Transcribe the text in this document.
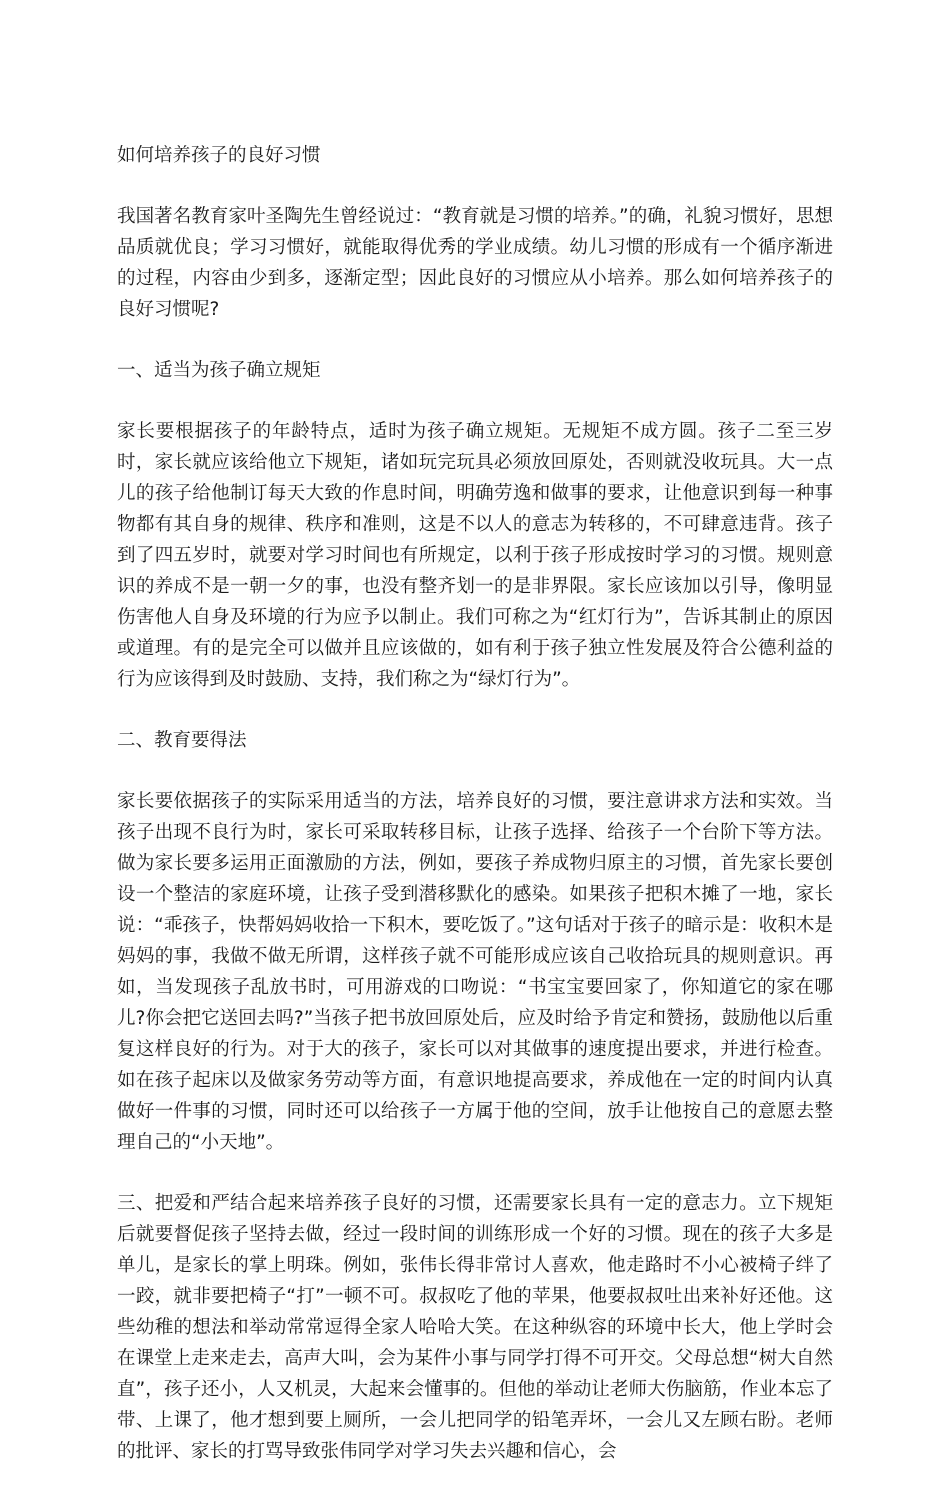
如何培养孩子的良好习惯

我国著名教育家叶圣陶先生曾经说过：“教育就是习惯的培养。”的确，礼貌习惯好，思想品质就优良；学习习惯好，就能取得优秀的学业成绩。幼儿习惯的形成有一个循序渐进的过程，内容由少到多，逐渐定型；因此良好的习惯应从小培养。那么如何培养孩子的良好习惯呢?

一、适当为孩子确立规矩

家长要根据孩子的年龄特点，适时为孩子确立规矩。无规矩不成方圆。孩子二至三岁时，家长就应该给他立下规矩，诸如玩完玩具必须放回原处，否则就没收玩具。大一点儿的孩子给他制订每天大致的作息时间，明确劳逸和做事的要求，让他意识到每一种事物都有其自身的规律、秩序和准则，这是不以人的意志为转移的，不可肆意违背。孩子到了四五岁时，就要对学习时间也有所规定，以利于孩子形成按时学习的习惯。规则意识的养成不是一朝一夕的事，也没有整齐划一的是非界限。家长应该加以引导，像明显伤害他人自身及环境的行为应予以制止。我们可称之为“红灯行为”，告诉其制止的原因或道理。有的是完全可以做并且应该做的，如有利于孩子独立性发展及符合公德利益的行为应该得到及时鼓励、支持，我们称之为“绿灯行为”。

二、教育要得法

家长要依据孩子的实际采用适当的方法，培养良好的习惯，要注意讲求方法和实效。当孩子出现不良行为时，家长可采取转移目标，让孩子选择、给孩子一个台阶下等方法。做为家长要多运用正面激励的方法，例如，要孩子养成物归原主的习惯，首先家长要创设一个整洁的家庭环境，让孩子受到潜移默化的感染。如果孩子把积木摊了一地，家长说：“乖孩子，快帮妈妈收拾一下积木，要吃饭了。”这句话对于孩子的暗示是：收积木是妈妈的事，我做不做无所谓，这样孩子就不可能形成应该自己收拾玩具的规则意识。再如，当发现孩子乱放书时，可用游戏的口吻说：“书宝宝要回家了，你知道它的家在哪儿?你会把它送回去吗?”当孩子把书放回原处后，应及时给予肯定和赞扬，鼓励他以后重复这样良好的行为。对于大的孩子，家长可以对其做事的速度提出要求，并进行检查。如在孩子起床以及做家务劳动等方面，有意识地提高要求，养成他在一定的时间内认真做好一件事的习惯，同时还可以给孩子一方属于他的空间，放手让他按自己的意愿去整理自己的“小天地”。

三、把爱和严结合起来培养孩子良好的习惯，还需要家长具有一定的意志力。立下规矩后就要督促孩子坚持去做，经过一段时间的训练形成一个好的习惯。现在的孩子大多是单儿，是家长的掌上明珠。例如，张伟长得非常讨人喜欢，他走路时不小心被椅子绊了一跤，就非要把椅子“打”一顿不可。叔叔吃了他的苹果，他要叔叔吐出来补好还他。这些幼稚的想法和举动常常逗得全家人哈哈大笑。在这种纵容的环境中长大，他上学时会在课堂上走来走去，高声大叫，会为某件小事与同学打得不可开交。父母总想“树大自然直”，孩子还小，人又机灵，大起来会懂事的。但他的举动让老师大伤脑筋，作业本忘了带、上课了，他才想到要上厕所，一会儿把同学的铅笔弄坏，一会儿又左顾右盼。老师的批评、家长的打骂导致张伟同学对学习失去兴趣和信心，会
